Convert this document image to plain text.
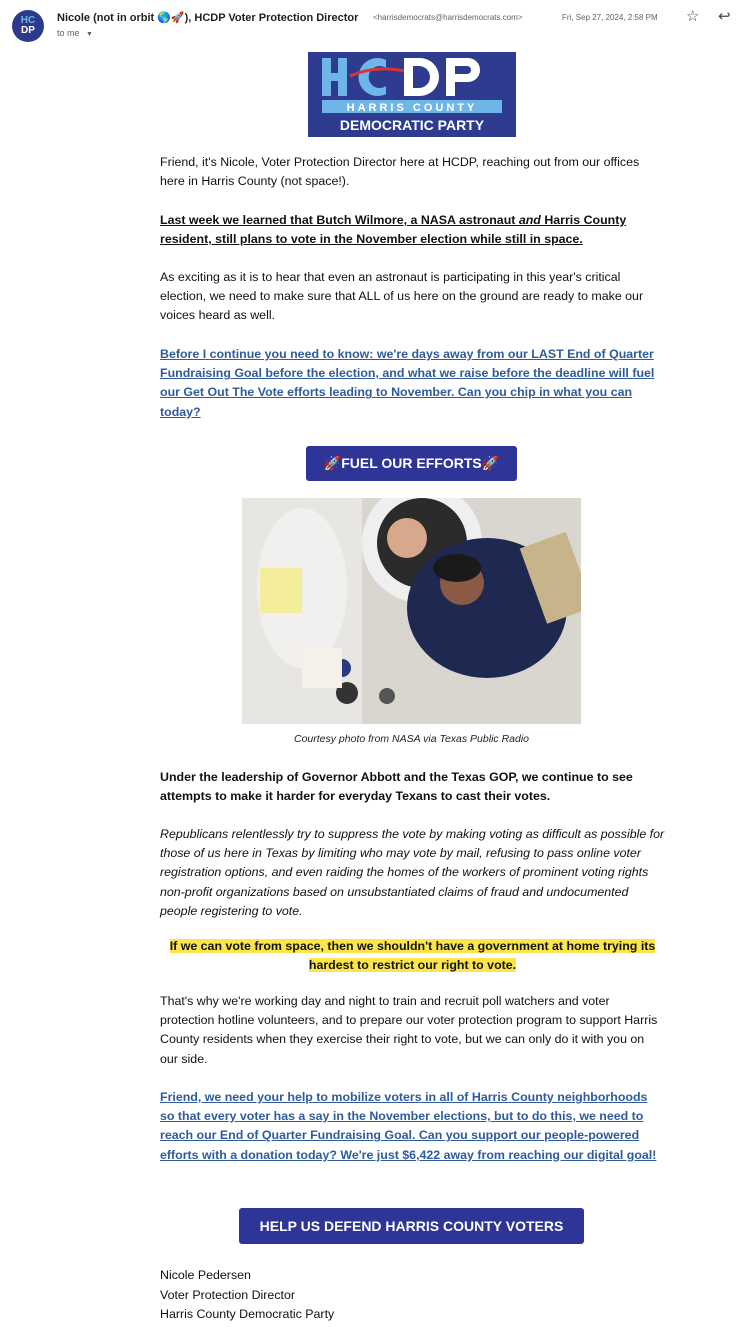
HC
DP
Nicole (not in orbit 🌎🚀), HCDP Voter Protection Director <harrisdemocrats@harrisdemocrats.com>	Fri, Sep 27, 2024, 2:58 PM ☆ ↩
to me ▼
HARRIS COUNTY
DEMOCRATIC PARTY
Friend, it's Nicole, Voter Protection Director here at HCDP, reaching out from our offices here in Harris County (not space!).
Last week we learned that Butch Wilmore, a NASA astronaut and Harris County resident, still plans to vote in the November election while still in space.
As exciting as it is to hear that even an astronaut is participating in this year's critical election, we need to make sure that ALL of us here on the ground are ready to make our voices heard as well.
Before I continue you need to know: we're days away from our LAST End of Quarter Fundraising Goal before the election, and what we raise before the deadline will fuel our Get Out The Vote efforts leading to November. Can you chip in what you can today?
🚀FUEL OUR EFFORTS🚀
Courtesy photo from NASA via Texas Public Radio
Under the leadership of Governor Abbott and the Texas GOP, we continue to see attempts to make it harder for everyday Texans to cast their votes.
Republicans relentlessly try to suppress the vote by making voting as difficult as possible for those of us here in Texas by limiting who may vote by mail, refusing to pass online voter registration options, and even raiding the homes of the workers of prominent voting rights non-profit organizations based on unsubstantiated claims of fraud and undocumented people registering to vote.
If we can vote from space, then we shouldn't have a government at home trying its hardest to restrict our right to vote.
That's why we're working day and night to train and recruit poll watchers and voter protection hotline volunteers, and to prepare our voter protection program to support Harris County residents when they exercise their right to vote, but we can only do it with you on our side.
Friend, we need your help to mobilize voters in all of Harris County neighborhoods so that every voter has a say in the November elections, but to do this, we need to reach our End of Quarter Fundraising Goal. Can you support our people-powered efforts with a donation today? We're just $6,422 away from reaching our digital goal!
HELP US DEFEND HARRIS COUNTY VOTERS
Nicole Pedersen
Voter Protection Director
Harris County Democratic Party
